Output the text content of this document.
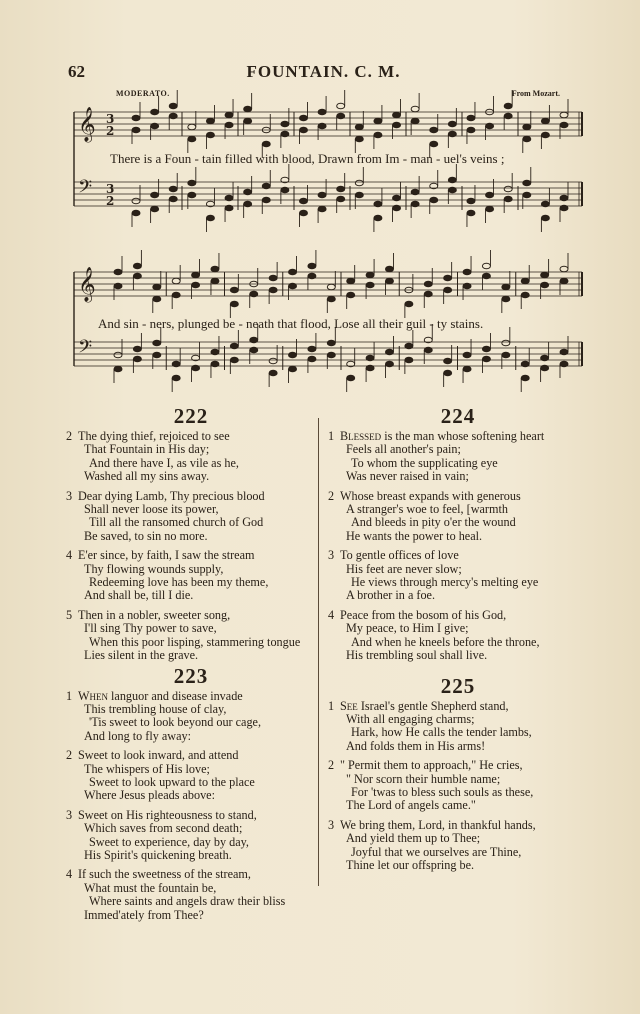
62	FOUNTAIN. C. M.
MODERATO.	From Mozart.
𝄞
𝄢
3
2
3
2
𝄞
𝄢
There is a Foun - tain filled with blood, Drawn from Im - man - uel's veins ;
And sin - ners, plunged be - neath that flood, Lose all their guil - ty stains.
222
2 The dying thief, rejoiced to see
That Fountain in His day;
And there have I, as vile as he,
Washed all my sins away.
3 Dear dying Lamb, Thy precious blood
Shall never loose its power,
Till all the ransomed church of God
Be saved, to sin no more.
4 E'er since, by faith, I saw the stream
Thy flowing wounds supply,
Redeeming love has been my theme,
And shall be, till I die.
5 Then in a nobler, sweeter song,
I'll sing Thy power to save,
When this poor lisping, stammering tongue
Lies silent in the grave.
223
1 When languor and disease invade
This trembling house of clay,
'Tis sweet to look beyond our cage,
And long to fly away:
2 Sweet to look inward, and attend
The whispers of His love;
Sweet to look upward to the place
Where Jesus pleads above:
3 Sweet on His righteousness to stand,
Which saves from second death;
Sweet to experience, day by day,
His Spirit's quickening breath.
4 If such the sweetness of the stream,
What must the fountain be,
Where saints and angels draw their bliss
Immed'ately from Thee?
224
1 Blessed is the man whose softening heart
Feels all another's pain;
To whom the supplicating eye
Was never raised in vain;
2 Whose breast expands with generous
A stranger's woe to feel, [warmth
And bleeds in pity o'er the wound
He wants the power to heal.
3 To gentle offices of love
His feet are never slow;
He views through mercy's melting eye
A brother in a foe.
4 Peace from the bosom of his God,
My peace, to Him I give;
And when he kneels before the throne,
His trembling soul shall live.
225
1 See Israel's gentle Shepherd stand,
With all engaging charms;
Hark, how He calls the tender lambs,
And folds them in His arms!
2 " Permit them to approach," He cries,
" Nor scorn their humble name;
For 'twas to bless such souls as these,
The Lord of angels came."
3 We bring them, Lord, in thankful hands,
And yield them up to Thee;
Joyful that we ourselves are Thine,
Thine let our offspring be.
